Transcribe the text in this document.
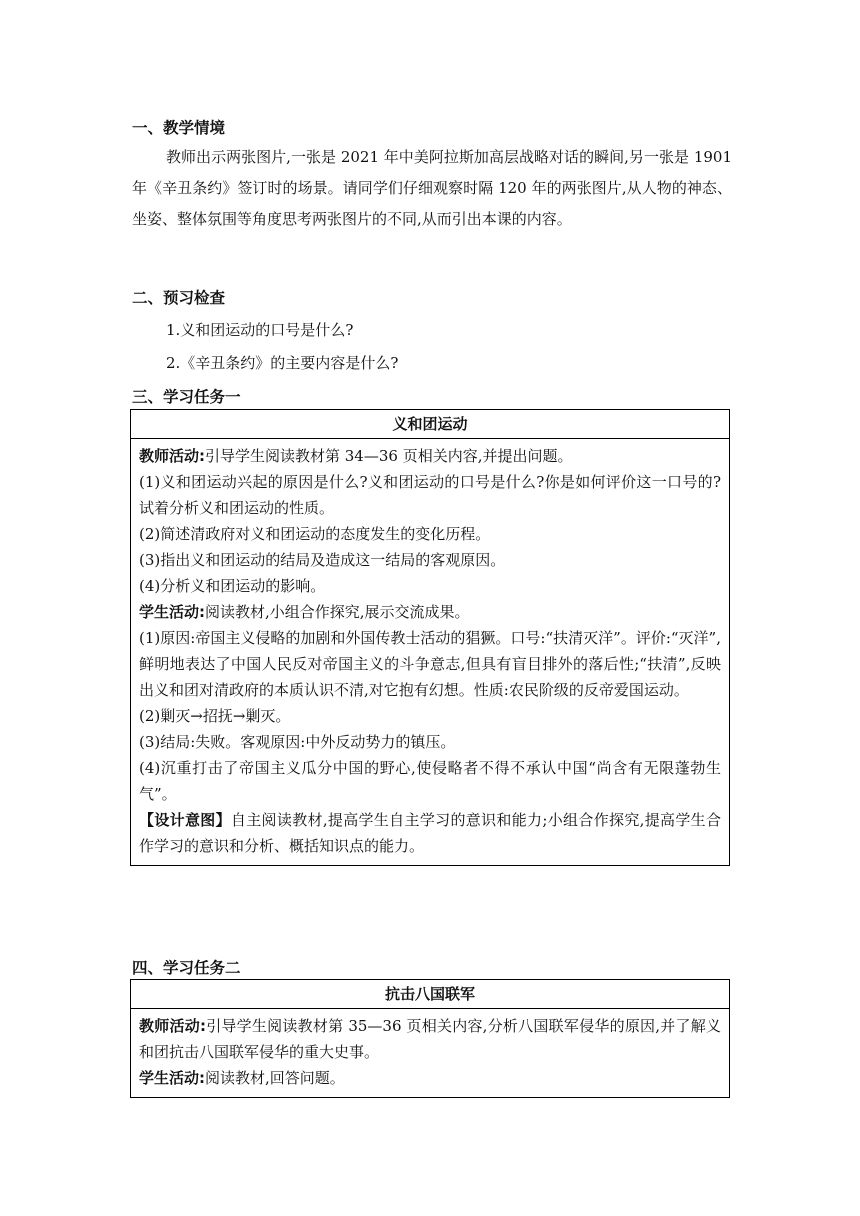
一、教学情境
教师出示两张图片,一张是 2021 年中美阿拉斯加高层战略对话的瞬间,另一张是 1901 年《辛丑条约》签订时的场景。请同学们仔细观察时隔 120 年的两张图片,从人物的神态、坐姿、整体氛围等角度思考两张图片的不同,从而引出本课的内容。
二、预习检查
1.义和团运动的口号是什么?
2.《辛丑条约》的主要内容是什么?
三、学习任务一
义和团运动

教师活动:引导学生阅读教材第 34—36 页相关内容,并提出问题。

(1)义和团运动兴起的原因是什么?义和团运动的口号是什么?你是如何评价这一口号的?试着分析义和团运动的性质。

(2)简述清政府对义和团运动的态度发生的变化历程。

(3)指出义和团运动的结局及造成这一结局的客观原因。

(4)分析义和团运动的影响。

学生活动:阅读教材,小组合作探究,展示交流成果。

(1)原因:帝国主义侵略的加剧和外国传教士活动的猖獗。口号:“扶清灭洋”。评价:“灭洋”,鲜明地表达了中国人民反对帝国主义的斗争意志,但具有盲目排外的落后性;“扶清”,反映出义和团对清政府的本质认识不清,对它抱有幻想。性质:农民阶级的反帝爱国运动。

(2)剿灭→招抚→剿灭。

(3)结局:失败。客观原因:中外反动势力的镇压。

(4)沉重打击了帝国主义瓜分中国的野心,使侵略者不得不承认中国“尚含有无限蓬勃生气”。

【设计意图】自主阅读教材,提高学生自主学习的意识和能力;小组合作探究,提高学生合作学习的意识和分析、概括知识点的能力。

四、学习任务二
抗击八国联军

教师活动:引导学生阅读教材第 35—36 页相关内容,分析八国联军侵华的原因,并了解义和团抗击八国联军侵华的重大史事。

学生活动:阅读教材,回答问题。
